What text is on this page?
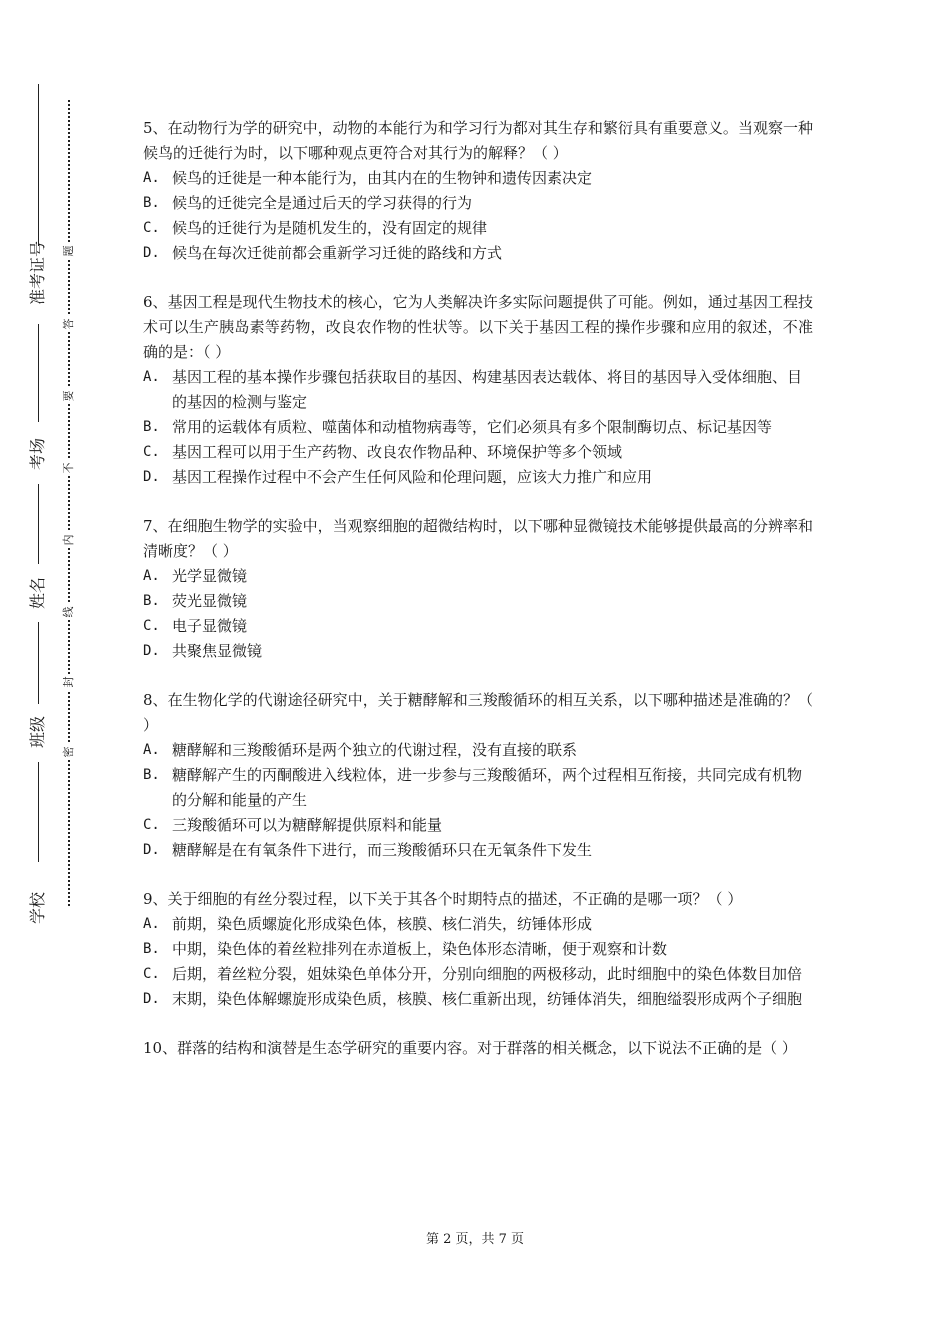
准考证号
考场
姓名
班级
学校
密
封
线
内
不
要
答
题

5、在动物行为学的研究中，动物的本能行为和学习行为都对其生存和繁衍具有重要意义。当观察一种候鸟的迁徙行为时，以下哪种观点更符合对其行为的解释？（ ）

A. 候鸟的迁徙是一种本能行为，由其内在的生物钟和遗传因素决定

B. 候鸟的迁徙完全是通过后天的学习获得的行为

C. 候鸟的迁徙行为是随机发生的，没有固定的规律

D. 候鸟在每次迁徙前都会重新学习迁徙的路线和方式

6、基因工程是现代生物技术的核心，它为人类解决许多实际问题提供了可能。例如，通过基因工程技术可以生产胰岛素等药物，改良农作物的性状等。以下关于基因工程的操作步骤和应用的叙述，不准确的是：（ ）

A. 基因工程的基本操作步骤包括获取目的基因、构建基因表达载体、将目的基因导入受体细胞、目的基因的检测与鉴定

B. 常用的运载体有质粒、噬菌体和动植物病毒等，它们必须具有多个限制酶切点、标记基因等

C. 基因工程可以用于生产药物、改良农作物品种、环境保护等多个领域

D. 基因工程操作过程中不会产生任何风险和伦理问题，应该大力推广和应用

7、在细胞生物学的实验中，当观察细胞的超微结构时，以下哪种显微镜技术能够提供最高的分辨率和清晰度？（ ）

A. 光学显微镜

B. 荧光显微镜

C. 电子显微镜

D. 共聚焦显微镜

8、在生物化学的代谢途径研究中，关于糖酵解和三羧酸循环的相互关系，以下哪种描述是准确的？（ ）

A. 糖酵解和三羧酸循环是两个独立的代谢过程，没有直接的联系

B. 糖酵解产生的丙酮酸进入线粒体，进一步参与三羧酸循环，两个过程相互衔接，共同完成有机物的分解和能量的产生

C. 三羧酸循环可以为糖酵解提供原料和能量

D. 糖酵解是在有氧条件下进行，而三羧酸循环只在无氧条件下发生

9、关于细胞的有丝分裂过程，以下关于其各个时期特点的描述，不正确的是哪一项？（ ）

A. 前期，染色质螺旋化形成染色体，核膜、核仁消失，纺锤体形成

B. 中期，染色体的着丝粒排列在赤道板上，染色体形态清晰，便于观察和计数

C. 后期，着丝粒分裂，姐妹染色单体分开，分别向细胞的两极移动，此时细胞中的染色体数目加倍

D. 末期，染色体解螺旋形成染色质，核膜、核仁重新出现，纺锤体消失，细胞缢裂形成两个子细胞

10、群落的结构和演替是生态学研究的重要内容。对于群落的相关概念，以下说法不正确的是（ ）

第 2 页，共 7 页
